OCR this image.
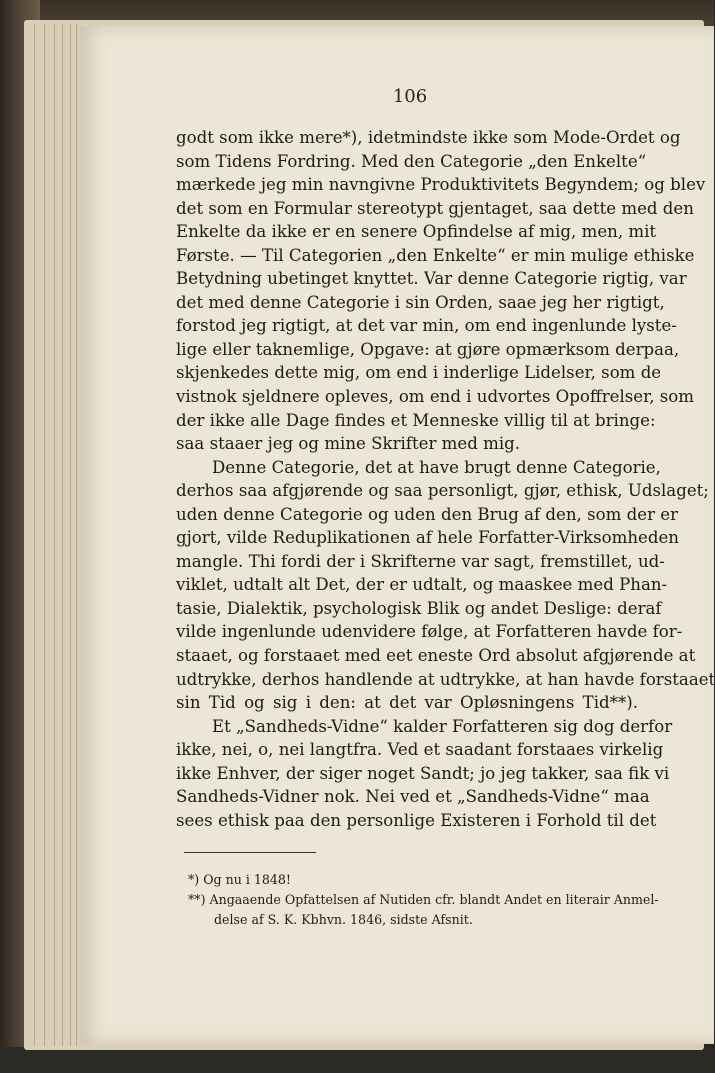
106
godt som ikke mere*), idetmindste ikke som Mode-Ordet og
som Tidens Fordring. Med den Categorie „den Enkelte“
mærkede jeg min navngivne Produktivitets Begyndem; og blev
det som en Formular stereotypt gjentaget, saa dette med den
Enkelte da ikke er en senere Opfindelse af mig, men, mit
Første. — Til Categorien „den Enkelte“ er min mulige ethiske
Betydning ubetinget knyttet. Var denne Categorie rigtig, var
det med denne Categorie i sin Orden, saae jeg her rigtigt,
forstod jeg rigtigt, at det var min, om end ingenlunde lyste-
lige eller taknemlige, Opgave: at gjøre opmærksom derpaa,
skjenkedes dette mig, om end i inderlige Lidelser, som de
vistnok sjeldnere opleves, om end i udvortes Opoffrelser, som
der ikke alle Dage findes et Menneske villig til at bringe:
saa staaer jeg og mine Skrifter med mig.
Denne Categorie, det at have brugt denne Categorie,
derhos saa afgjørende og saa personligt, gjør, ethisk, Udslaget;
uden denne Categorie og uden den Brug af den, som der er
gjort, vilde Reduplikationen af hele Forfatter-Virksomheden
mangle. Thi fordi der i Skrifterne var sagt, fremstillet, ud-
viklet, udtalt alt Det, der er udtalt, og maaskee med Phan-
tasie, Dialektik, psychologisk Blik og andet Deslige: deraf
vilde ingenlunde udenvidere følge, at Forfatteren havde for-
staaet, og forstaaet med eet eneste Ord absolut afgjørende at
udtrykke, derhos handlende at udtrykke, at han havde forstaaet
sin Tid og sig i den: at det var Opløsningens Tid**).
Et „Sandheds-Vidne“ kalder Forfatteren sig dog derfor
ikke, nei, o, nei langtfra. Ved et saadant forstaaes virkelig
ikke Enhver, der siger noget Sandt; jo jeg takker, saa fik vi
Sandheds-Vidner nok. Nei ved et „Sandheds-Vidne“ maa
sees ethisk paa den personlige Existeren i Forhold til det
*) Og nu i 1848!
**) Angaaende Opfattelsen af Nutiden cfr. blandt Andet en literair Anmel-
delse af S. K. Kbhvn. 1846, sidste Afsnit.
